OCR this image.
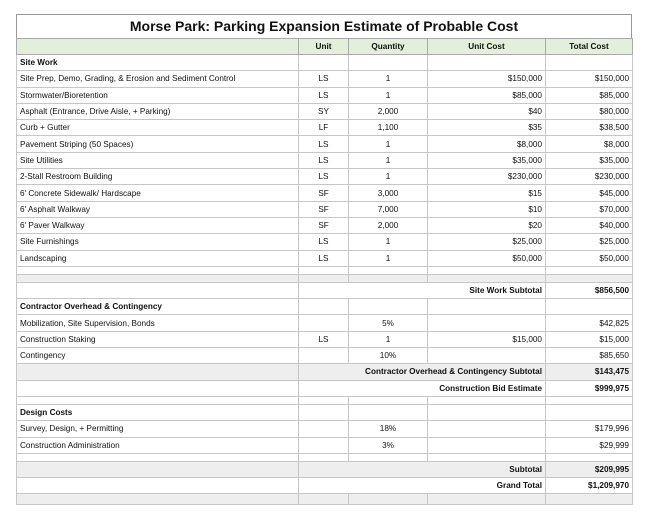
Morse Park: Parking Expansion Estimate of Probable Cost
	Unit	Quantity	Unit Cost	Total Cost
Site Work				
Site Prep, Demo, Grading, & Erosion and Sediment Control	LS	1	$150,000	$150,000
Stormwater/Bioretention	LS	1	$85,000	$85,000
Asphalt (Entrance, Drive Aisle, + Parking)	SY	2,000	$40	$80,000
Curb + Gutter	LF	1,100	$35	$38,500
Pavement Striping (50 Spaces)	LS	1	$8,000	$8,000
Site Utilities	LS	1	$35,000	$35,000
2-Stall Restroom Building	LS	1	$230,000	$230,000
6' Concrete Sidewalk/ Hardscape	SF	3,000	$15	$45,000
6' Asphalt Walkway	SF	7,000	$10	$70,000
6' Paver Walkway	SF	2,000	$20	$40,000
Site Furnishings	LS	1	$25,000	$25,000
Landscaping	LS	1	$50,000	$50,000

	Site Work Subtotal			$856,500
Contractor Overhead & Contingency				
Mobilization, Site Supervision, Bonds		5%		$42,825
Construction Staking	LS	1	$15,000	$15,000
Contingency		10%		$85,650
	Contractor Overhead & Contingency Subtotal			$143,475
	Construction Bid Estimate			$999,975

Design Costs				
Survey, Design, + Permitting		18%		$179,996
Construction Administration		3%		$29,999

	Subtotal			$209,995
	Grand Total			$1,209,970
